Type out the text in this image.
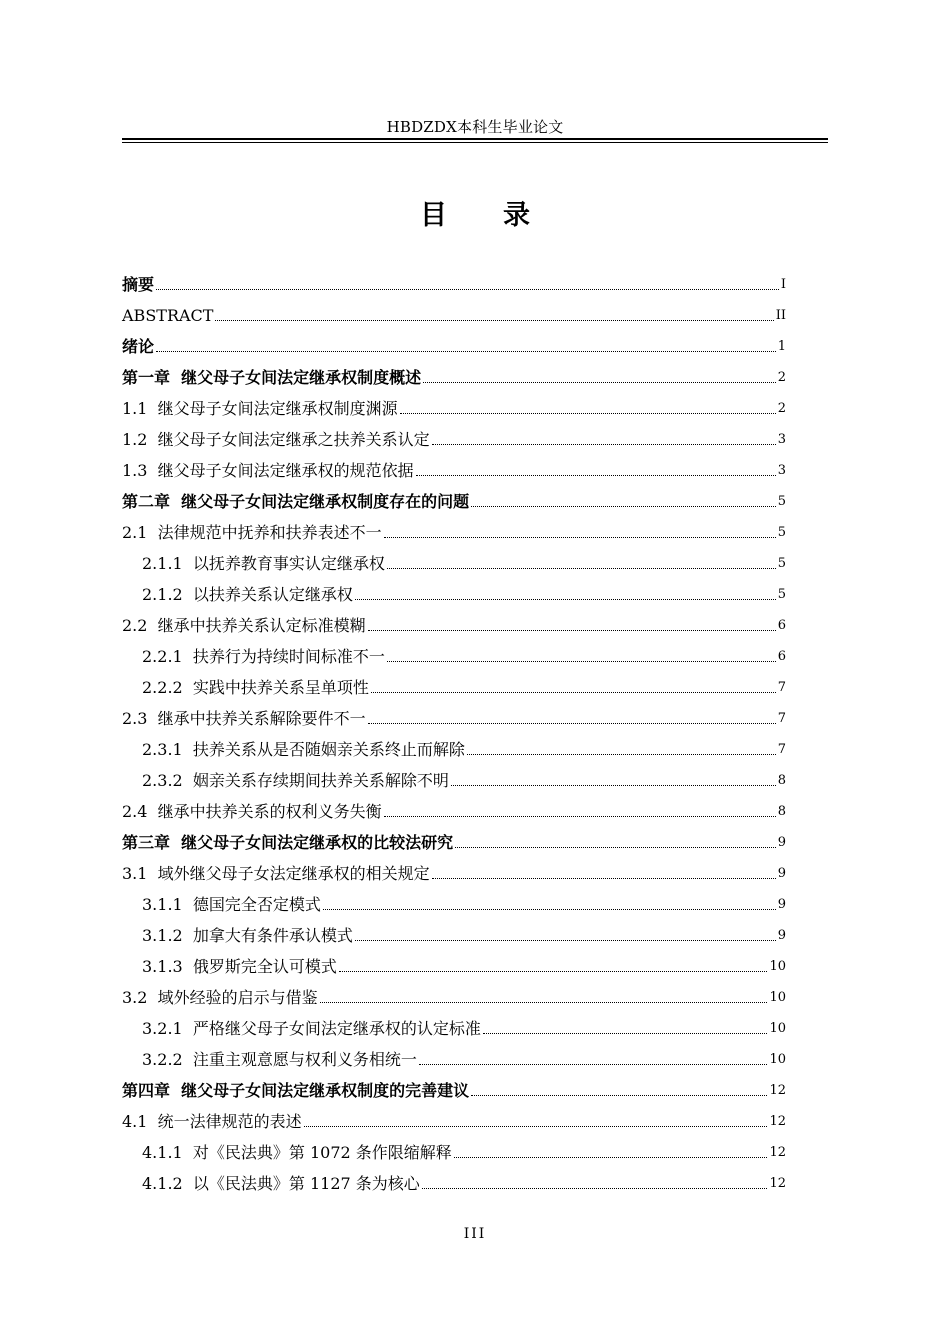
HBDZDX本科生毕业论文
目 录
摘要	I
ABSTRACT	II
绪论	1
第一章  继父母子女间法定继承权制度概述	2
1.1  继父母子女间法定继承权制度渊源	2
1.2  继父母子女间法定继承之扶养关系认定	3
1.3  继父母子女间法定继承权的规范依据	3
第二章  继父母子女间法定继承权制度存在的问题	5
2.1  法律规范中抚养和扶养表述不一	5
2.1.1  以抚养教育事实认定继承权	5
2.1.2  以扶养关系认定继承权	5
2.2  继承中扶养关系认定标准模糊	6
2.2.1  扶养行为持续时间标准不一	6
2.2.2  实践中扶养关系呈单项性	7
2.3  继承中扶养关系解除要件不一	7
2.3.1  扶养关系从是否随姻亲关系终止而解除	7
2.3.2  姻亲关系存续期间扶养关系解除不明	8
2.4  继承中扶养关系的权利义务失衡	8
第三章  继父母子女间法定继承权的比较法研究	9
3.1  域外继父母子女法定继承权的相关规定	9
3.1.1  德国完全否定模式	9
3.1.2  加拿大有条件承认模式	9
3.1.3  俄罗斯完全认可模式	10
3.2  域外经验的启示与借鉴	10
3.2.1  严格继父母子女间法定继承权的认定标准	10
3.2.2  注重主观意愿与权利义务相统一	10
第四章  继父母子女间法定继承权制度的完善建议	12
4.1  统一法律规范的表述	12
4.1.1  对《民法典》第 1072 条作限缩解释	12
4.1.2  以《民法典》第 1127 条为核心	12
III
